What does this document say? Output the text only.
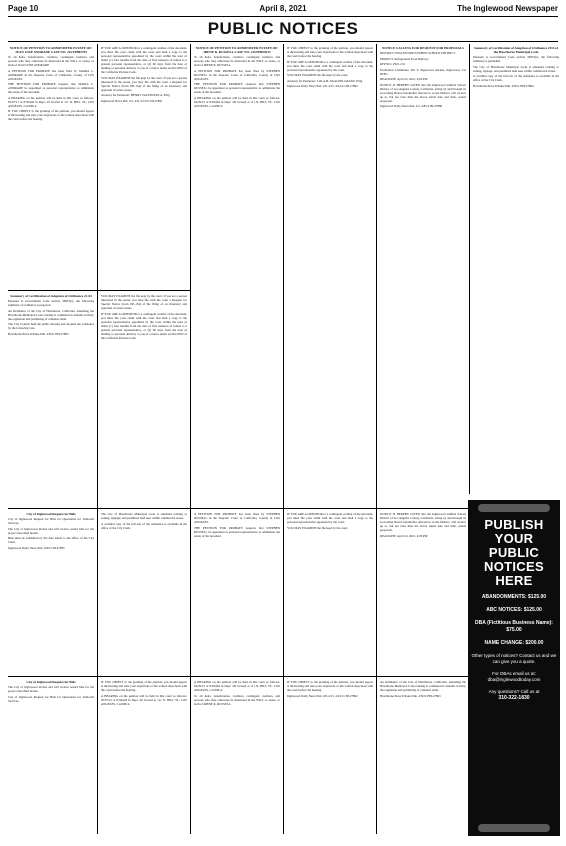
Page 10	April 8, 2021	The Inglewood Newspaper
PUBLIC NOTICES
NOTICE OF PETITION TO ADMINISTER ESTATE OF: JUAN JOSE ANDRADE CASE NO. 21STPB02783

To all heirs, beneficiaries, creditors, contingent creditors, and persons who may otherwise be interested in the WILL or estate, or both of JUAN JOSE ANDRADE.

A PETITION FOR PROBATE has been filed by MARIA C. ANDRADE in the Superior Court of California, County of LOS ANGELES.

THE PETITION FOR PROBATE requests that MARIA C. ANDRADE be appointed as personal representative to administer the estate of the decedent.

A HEARING on the petition will be held in this court as follows: 05/07/21 at 8:30AM in Dept. 29 located at 111 N. HILL ST., LOS ANGELES, CA 90012.

IF YOU OBJECT to the granting of the petition, you should appear at the hearing and state your objections or file written objections with the court before the hearing.

IF YOU ARE A CREDITOR or a contingent creditor of the decedent, you must file your claim with the court and mail a copy to the personal representative appointed by the court within the later of either (1) four months from the date of first issuance of letters to a general personal representative, or (2) 60 days from the date of mailing or personal delivery to you of a notice under section 9052 of the California Probate Code.

YOU MAY EXAMINE the file kept by the court. If you are a person interested in the estate, you may file with the court a Request for Special Notice (form DE-154) of the filing of an inventory and appraisal of estate assets.

Attorney for Petitioner: HENRY VALENZUELA, ESQ.

Inglewood News Pub. 4/1, 4/8, 4/15/21 HI-27891

NOTICE OF PETITION TO ADMINISTER ESTATE OF: IRENE R. RUSSELL CASE NO. 21STPB03033

To all heirs, beneficiaries, creditors, contingent creditors, and persons who may otherwise be interested in the WILL or estate, or both of IRENE R. RUSSELL.

A PETITION FOR PROBATE has been filed by STEPHEN RUSSELL in the Superior Court of California, County of LOS ANGELES.

THE PETITION FOR PROBATE requests that STEPHEN RUSSELL be appointed as personal representative to administer the estate of the decedent.

A HEARING on the petition will be held in this court as follows: 04/29/21 at 8:30AM in Dept. 2D located at 111 N. HILL ST., LOS ANGELES, CA 90012.

IF YOU OBJECT to the granting of the petition, you should appear at the hearing and state your objections or file written objections with the court before the hearing.

IF YOU ARE A CREDITOR or a contingent creditor of the decedent, you must file your claim with the court and mail a copy to the personal representative appointed by the court.

YOU MAY EXAMINE the file kept by the court.

Attorney for Petitioner: LOLA M. McALPIN-GRANT, ESQ.

Inglewood Daily News Pub. 4/8, 4/15, 4/22/21 HI-27892

NOTICE CALLING FOR REQUEST FOR PROPOSALS

DISTRICT: INGLEWOOD UNIFIED SCHOOL DISTRICT

PROJECT: Refrigerated Food Delivery

RFP NO.: P021-231

Evaluation Committee: 401 S. Inglewood Avenue, Inglewood, CA 90301

DEADLINE: April 22, 2021, 4:00 PM

NOTICE IS HEREBY GIVEN that the Inglewood Unified School District of Los Angeles County, California, acting by and through its Governing Board, hereinafter referred to as the District, will receive up to, but not later than the above stated date and time, sealed proposals.

Inglewood Daily News Pub. 4/1, 4/8/21 HI-27886

Summary of Certification of Adoption of Ordinance 2314 of the Hawthorne Municipal Code

Pursuant to Government Code section 36933(c), the following summary is published.

The City of Hawthorne Municipal Code is amended relating to zoning, signage, and permitted land uses within commercial zones.

A certified copy of the full text of the ordinance is available in the office of the City Clerk.

Hawthorne Press Tribune Pub. 4/8/21 HH-27894

Summary of Certification of Adoption of Ordinance 21-04

Pursuant to Government Code section 36933(c), the following summary of ordinance is prepared.

An Ordinance of the City of Hawthorne, California, amending the Hawthorne Municipal Code relating to commercial cannabis activity, the regulation and permitting of cannabis retail.

The City Council held the public hearing and adopted the ordinance by the following vote.

Hawthorne Press Tribune Pub. 4/8/21 HH-27893

YOU MAY EXAMINE the file kept by the court. If you are a person interested in the estate, you may file with the court a Request for Special Notice (form DE-154) of the filing of an inventory and appraisal of estate assets.

IF YOU ARE A CREDITOR or a contingent creditor of the decedent, you must file your claim with the court and mail a copy to the personal representative appointed by the court within the later of either (1) four months from the date of first issuance of letters to a general personal representative, or (2) 60 days from the date of mailing or personal delivery to you of a notice under section 9052 of the California Probate Code.

City of Inglewood Request for Bids

City of Inglewood Request for Bids for Quotations for Janitorial Services.

The City of Inglewood invites and will receive sealed bids for the project described herein.

Bids must be submitted by the date stated to the office of the City Clerk.

Inglewood Daily News Pub. 4/8/21 HI-27895

The City of Hawthorne Municipal Code is amended relating to zoning, signage, and permitted land uses within commercial zones.

A certified copy of the full text of the ordinance is available in the office of the City Clerk.

A PETITION FOR PROBATE has been filed by STEPHEN RUSSELL in the Superior Court of California, County of LOS ANGELES.

THE PETITION FOR PROBATE requests that STEPHEN RUSSELL be appointed as personal representative to administer the estate of the decedent.

IF YOU ARE A CREDITOR or a contingent creditor of the decedent, you must file your claim with the court and mail a copy to the personal representative appointed by the court.

YOU MAY EXAMINE the file kept by the court.

NOTICE IS HEREBY GIVEN that the Inglewood Unified School District of Los Angeles County, California, acting by and through its Governing Board, hereinafter referred to as the District, will receive up to, but not later than the above stated date and time, sealed proposals.

DEADLINE: April 22, 2021, 4:00 PM

City of Inglewood Request for Bids

The City of Inglewood invites and will receive sealed bids for the project described herein.

City of Inglewood Request for Bids for Quotations for Janitorial Services.

IF YOU OBJECT to the granting of the petition, you should appear at the hearing and state your objections or file written objections with the court before the hearing.

A HEARING on the petition will be held in this court as follows: 05/07/21 at 8:30AM in Dept. 29 located at 111 N. HILL ST., LOS ANGELES, CA 90012.

A HEARING on the petition will be held in this court as follows: 04/29/21 at 8:30AM in Dept. 2D located at 111 N. HILL ST., LOS ANGELES, CA 90012.

To all heirs, beneficiaries, creditors, contingent creditors, and persons who may otherwise be interested in the WILL or estate, or both of IRENE R. RUSSELL.

IF YOU OBJECT to the granting of the petition, you should appear at the hearing and state your objections or file written objections with the court before the hearing.

Inglewood Daily News Pub. 4/8, 4/15, 4/22/21 HI-27892

An Ordinance of the City of Hawthorne, California, amending the Hawthorne Municipal Code relating to commercial cannabis activity, the regulation and permitting of cannabis retail.

Hawthorne Press Tribune Pub. 4/8/21 HH-27893

PUBLISH YOUR PUBLIC NOTICES HERE
ABANDONMENTS: $125.00
ABC NOTICES: $125.00
DBA (Fictitious Business Name): $75.00
NAME CHANGE: $200.00
Other types of notices? Contact us and we can give you a quote.
For DBAs email us at:
dba@inglewoodtoday.com
Any questions? Call us at
310-322-1830
